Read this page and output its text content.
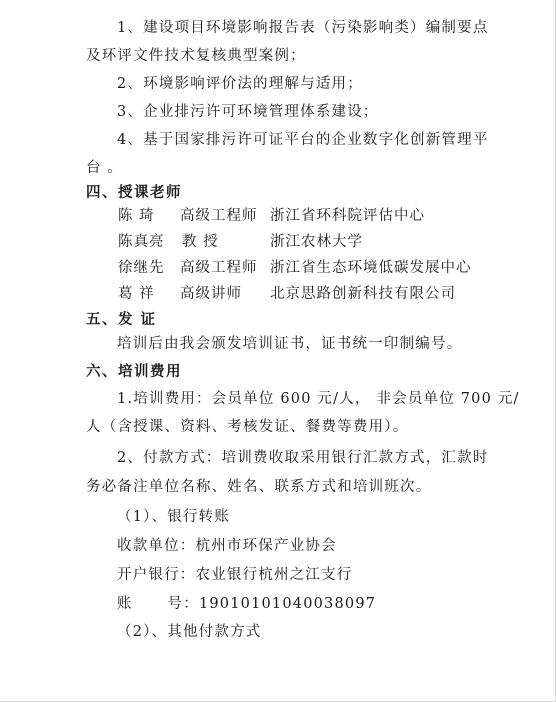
1、建设项目环境影响报告表（污染影响类）编制要点
及环评文件技术复核典型案例；
2、环境影响评价法的理解与适用；
3、企业排污许可环境管理体系建设；
4、基于国家排污许可证平台的企业数字化创新管理平
台 。
四、授课老师
陈 琦 高级工程师 浙江省环科院评估中心
陈真亮 教 授	浙江农林大学
徐继先 高级工程师 浙江省生态环境低碳发展中心
葛 祥 高级讲师 北京思路创新科技有限公司
五、发 证
培训后由我会颁发培训证书，证书统一印制编号。
六、培训费用
1.培训费用：会员单位 600 元/人， 非会员单位 700 元/
人（含授课、资料、考核发证、餐费等费用）。
2、付款方式：培训费收取采用银行汇款方式，汇款时
务必备注单位名称、姓名、联系方式和培训班次。
（1）、银行转账
收款单位：杭州市环保产业协会
开户银行：农业银行杭州之江支行
账      号：19010101040038097
（2）、其他付款方式
